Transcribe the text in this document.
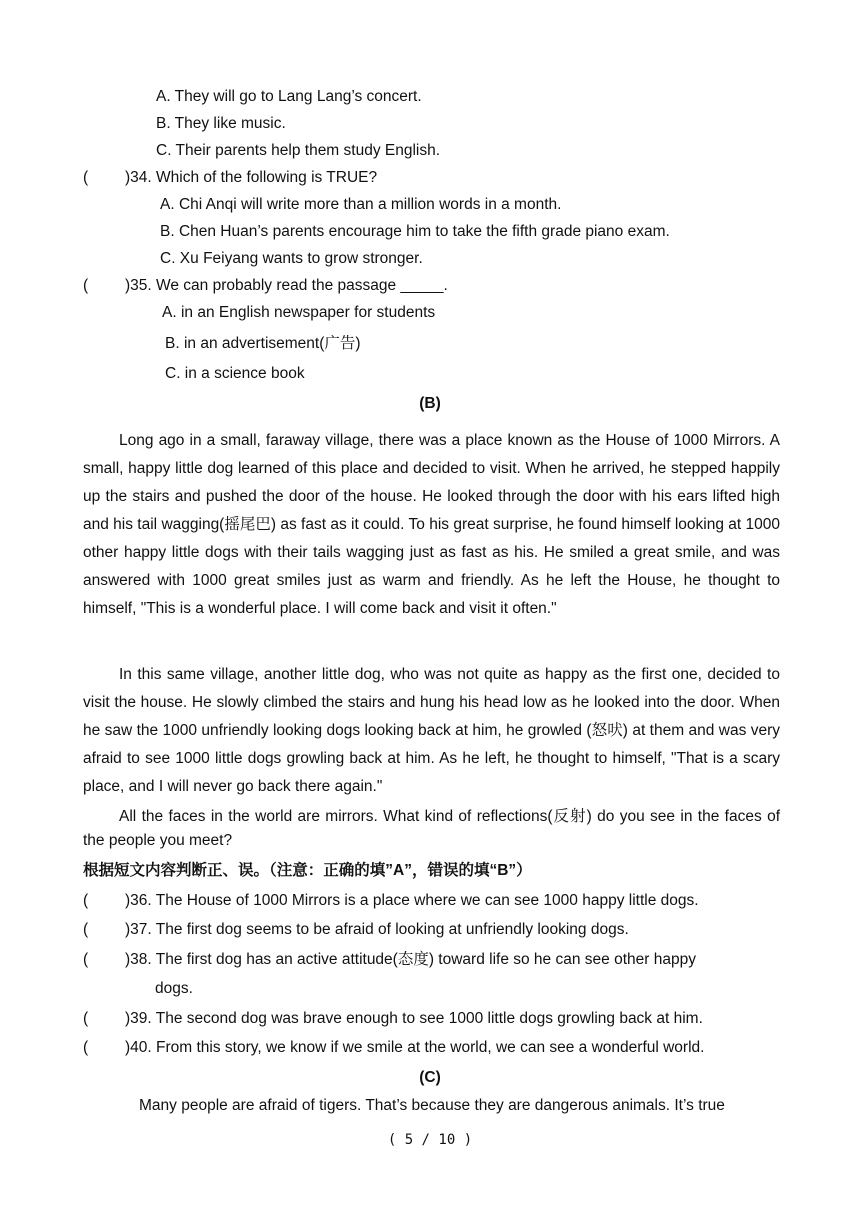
A. They will go to Lang Lang’s concert.
B. They like music.
C. Their parents help them study English.
( )34. Which of the following is TRUE?
A. Chi Anqi will write more than a million words in a month.
B. Chen Huan’s parents encourage him to take the fifth grade piano exam.
C. Xu Feiyang wants to grow stronger.
( )35. We can probably read the passage _____.
A. in an English newspaper for students
B. in an advertisement(广告)
C. in a science book
(B)
Long ago in a small, faraway village, there was a place known as the House of 1000 Mirrors. A small, happy little dog learned of this place and decided to visit. When he arrived, he stepped happily up the stairs and pushed the door of the house. He looked through the door with his ears lifted high and his tail wagging(摇尾巴) as fast as it could. To his great surprise, he found himself looking at 1000 other happy little dogs with their tails wagging just as fast as his. He smiled a great smile, and was answered with 1000 great smiles just as warm and friendly. As he left the House, he thought to himself, "This is a wonderful place. I will come back and visit it often."
In this same village, another little dog, who was not quite as happy as the first one, decided to visit the house. He slowly climbed the stairs and hung his head low as he looked into the door. When he saw the 1000 unfriendly looking dogs looking back at him, he growled (怒吠) at them and was very afraid to see 1000 little dogs growling back at him. As he left, he thought to himself, "That is a scary place, and I will never go back there again."
All the faces in the world are mirrors. What kind of reflections(反射) do you see in the faces of the people you meet?
根据短文内容判断正、误。（注意：正确的填”A”，错误的填“B”）
( )36. The House of 1000 Mirrors is a place where we can see 1000 happy little dogs.
( )37. The first dog seems to be afraid of looking at unfriendly looking dogs.
( )38. The first dog has an active attitude(态度) toward life so he can see other happy
dogs.
( )39. The second dog was brave enough to see 1000 little dogs growling back at him.
( )40. From this story, we know if we smile at the world, we can see a wonderful world.
(C)
Many people are afraid of tigers. That’s because they are dangerous animals. It’s true
( 5 / 10 )
